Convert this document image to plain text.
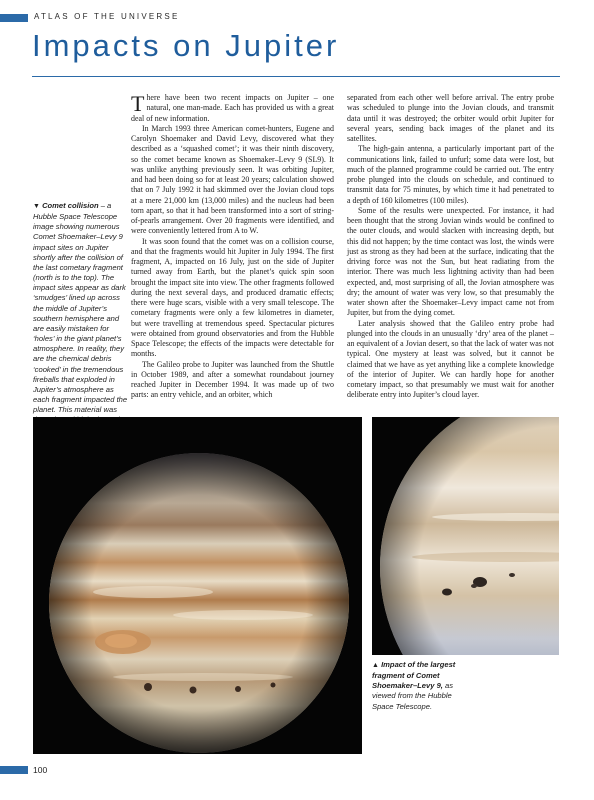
ATLAS OF THE UNIVERSE
Impacts on Jupiter
▼ Comet collision – a Hubble Space Telescope image showing numerous Comet Shoemaker–Levy 9 impact sites on Jupiter shortly after the collision of the last cometary fragment (north is to the top). The impact sites appear as dark ‘smudges’ lined up across the middle of Jupiter’s southern hemisphere and are easily mistaken for ‘holes’ in the giant planet’s atmosphere. In reality, they are the chemical debris ‘cooked’ in the tremendous fireballs that exploded in Jupiter’s atmosphere as each fragment impacted the planet. This material was

There have been two recent impacts on Jupiter – one natural, one man-made. Each has provided us with a great deal of new information.

In March 1993 three American comet-hunters, Eugene and Carolyn Shoemaker and David Levy, discovered what they described as a ‘squashed comet’; it was their ninth discovery, so the comet became known as Shoemaker–Levy 9 (SL9). It was unlike anything previously seen. It was orbiting Jupiter, and had been doing so for at least 20 years; calculation showed that on 7 July 1992 it had skimmed over the Jovian cloud tops at a mere 21,000 km (13,000 miles) and the nucleus had been torn apart, so that it had been transformed into a sort of string-of-pearls arrangement. Over 20 fragments were identified, and were conveniently lettered from A to W.

It was soon found that the comet was on a collision course, and that the fragments would hit Jupiter in July 1994. The first fragment, A, impacted on 16 July, just on the side of Jupiter turned away from Earth, but the planet’s quick spin soon brought the impact site into view. The other fragments followed during the next several days, and produced dramatic effects; there were huge scars, visible with a very small telescope. The cometary fragments were only a few kilometres in diameter, but were travelling at tremendous speed. Spectacular pictures were obtained from ground observatories and from the Hubble Space Telescope; the effects of the impacts were detectable for months.

The Galileo probe to Jupiter was launched from the Shuttle in October 1989, and after a somewhat roundabout journey reached Jupiter in December 1994. It was made up of two parts: an entry vehicle, and an orbiter, which

separated from each other well before arrival. The entry probe was scheduled to plunge into the Jovian clouds, and transmit data until it was destroyed; the orbiter would orbit Jupiter for several years, sending back images of the planet and its satellites.

The high-gain antenna, a particularly important part of the communications link, failed to unfurl; some data were lost, but much of the planned programme could be carried out. The entry probe plunged into the clouds on schedule, and continued to transmit data for 75 minutes, by which time it had penetrated to a depth of 160 kilometres (100 miles).

Some of the results were unexpected. For instance, it had been thought that the strong Jovian winds would be confined to the outer clouds, and would slacken with increasing depth, but this did not happen; by the time contact was lost, the winds were just as strong as they had been at the surface, indicating that the driving force was not the Sun, but heat radiating from the interior. There was much less lightning activity than had been expected, and, most surprising of all, the Jovian atmosphere was dry; the amount of water was very low, so that presumably the water shown after the Shoemaker–Levy impact came not from Jupiter, but from the dying comet.

Later analysis showed that the Galileo entry probe had plunged into the clouds in an unusually ‘dry’ area of the planet – an equivalent of a Jovian desert, so that the lack of water was not typical. One mystery at least was solved, but it cannot be claimed that we have as yet anything like a complete knowledge of the interior of Jupiter. We can hardly hope for another cometary impact, so that presumably we must wait for another deliberate entry into Jupiter’s cloud layer.

▲ Impact of the largest fragment of Comet Shoemaker–Levy 9, as viewed from the Hubble Space Telescope.
100
